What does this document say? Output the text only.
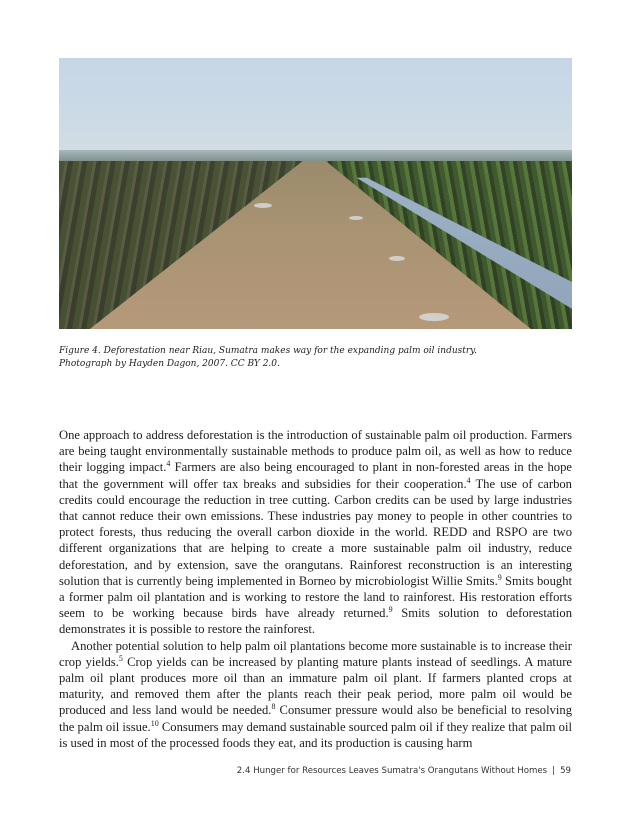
Figure 4. Deforestation near Riau, Sumatra makes way for the expanding palm oil industry.
Photograph by Hayden Dagon, 2007. CC BY 2.0.

One approach to address deforestation is the introduction of sustainable palm oil production. Farmers are being taught environmentally sustainable methods to produce palm oil, as well as how to reduce their logging impact.$^4$ Farmers are also being encouraged to plant in non-forested areas in the hope that the government will offer tax breaks and subsidies for their cooperation.$^4$ The use of carbon credits could encourage the reduction in tree cutting. Carbon credits can be used by large industries that cannot reduce their own emissions. These industries pay money to people in other countries to protect forests, thus reducing the overall carbon dioxide in the world. REDD and RSPO are two different organizations that are helping to create a more sustainable palm oil industry, reduce deforestation, and by extension, save the orangutans. Rainforest reconstruction is an interesting solution that is currently being implemented in Borneo by microbiologist Willie Smits.$^9$ Smits bought a former palm oil plantation and is working to restore the land to rainforest. His restoration efforts seem to be working because birds have already returned.$^9$ Smits solution to deforestation demonstrates it is possible to restore the rainforest.

Another potential solution to help palm oil plantations become more sustainable is to increase their crop yields.$^5$ Crop yields can be increased by planting mature plants instead of seedlings. A mature palm oil plant produces more oil than an immature palm oil plant. If farmers planted crops at maturity, and removed them after the plants reach their peak period, more palm oil would be produced and less land would be needed.$^8$ Consumer pressure would also be beneficial to resolving the palm oil issue.$^{10}$ Consumers may demand sustainable sourced palm oil if they realize that palm oil is used in most of the processed foods they eat, and its production is causing harm

2.4 Hunger for Resources Leaves Sumatra's Orangutans Without Homes | 59
